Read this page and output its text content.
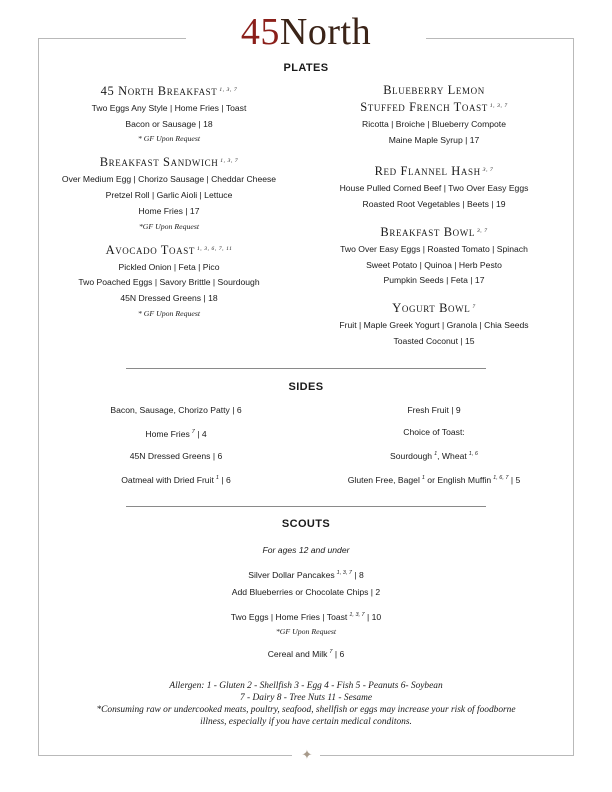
45North
PLATES
45 North Breakfast $^{1, 3, 7}$
Two Eggs Any Style | Home Fries | Toast
Bacon or Sausage | 18
* GF Upon Request
Breakfast Sandwich $^{1, 3, 7}$
Over Medium Egg | Chorizo Sausage | Cheddar Cheese
Pretzel Roll | Garlic Aioli | Lettuce
Home Fries | 17
*GF Upon Request
Avocado Toast $^{1, 3, 6, 7, 11}$
Pickled Onion | Feta | Pico
Two Poached Eggs | Savory Brittle | Sourdough
45N Dressed Greens | 18
* GF Upon Request
Blueberry Lemon
Stuffed French Toast $^{1, 3, 7}$
Ricotta | Broiche | Blueberry Compote
Maine Maple Syrup | 17
Red Flannel Hash $^{3, 7}$
House Pulled Corned Beef | Two Over Easy Eggs
Roasted Root Vegetables | Beets | 19
Breakfast Bowl $^{3, 7}$
Two Over Easy Eggs | Roasted Tomato | Spinach
Sweet Potato | Quinoa | Herb Pesto
Pumpkin Seeds | Feta | 17
Yogurt Bowl $^7$
Fruit | Maple Greek Yogurt | Granola | Chia Seeds
Toasted Coconut | 15
SIDES
Bacon, Sausage, Chorizo Patty | 6
Home Fries $^7$ | 4
45N Dressed Greens | 6
Oatmeal with Dried Fruit $^1$ | 6
Fresh Fruit | 9
Choice of Toast:
Sourdough $^1$, Wheat $^{1, 6}$
Gluten Free, Bagel $^1$ or English Muffin $^{1, 6, 7}$ | 5
SCOUTS
For ages 12 and under
Silver Dollar Pancakes $^{1, 3, 7}$ | 8
Add Blueberries or Chocolate Chips | 2
Two Eggs | Home Fries | Toast $^{1, 3, 7}$ | 10
*GF Upon Request
Cereal and Milk $^7$ | 6
Allergen: 1 - Gluten 2 - Shellfish 3 - Egg 4 - Fish 5 - Peanuts 6- Soybean
7 - Dairy 8 - Tree Nuts 11 - Sesame
*Consuming raw or undercooked meats, poultry, seafood, shellfish or eggs may increase your risk of foodborne
illness, especially if you have certain medical conditons.
✦
